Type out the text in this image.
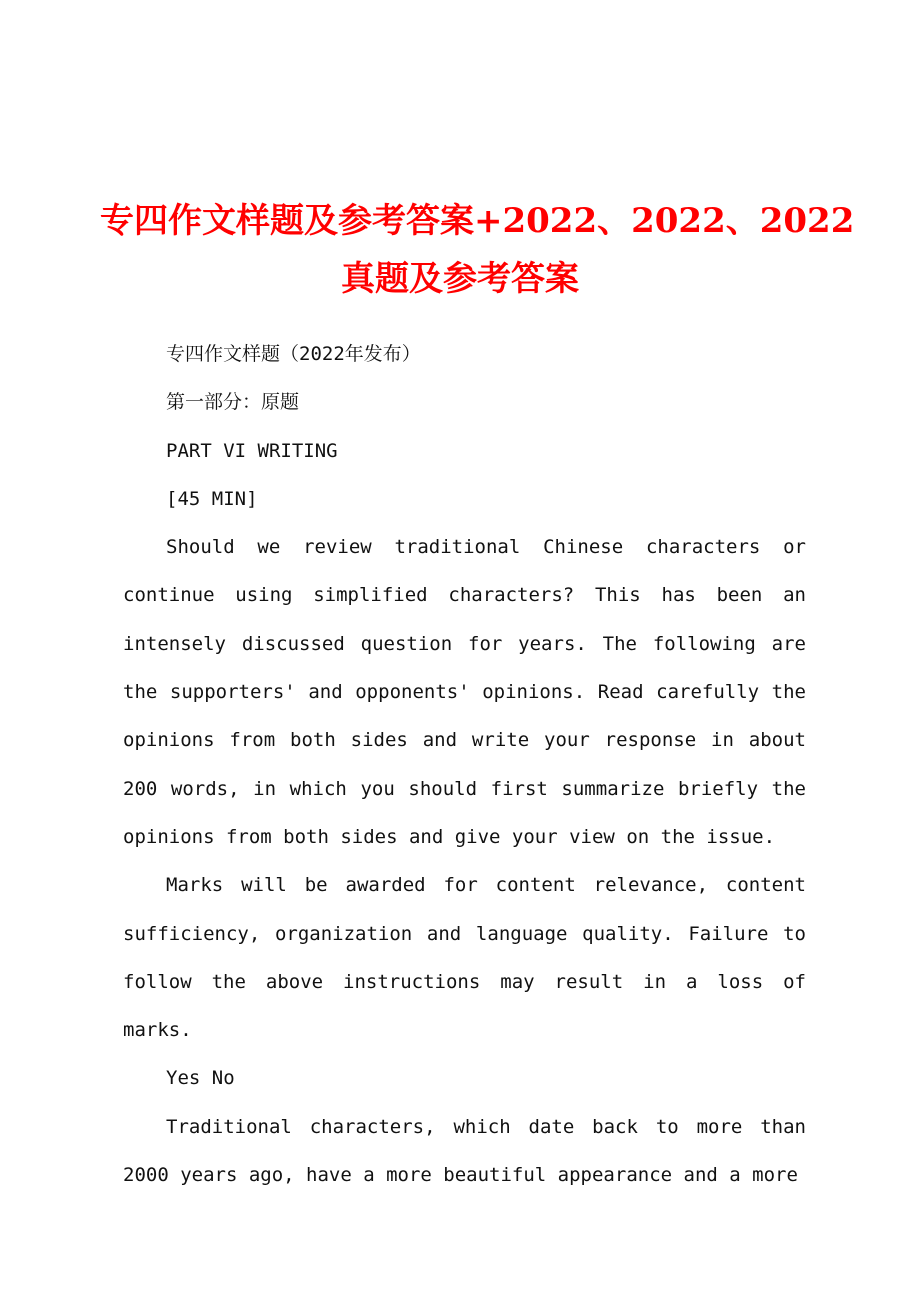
专四作文样题及参考答案+2022、2022、2022
真题及参考答案

专四作文样题（2022年发布）

第一部分：原题

PART VI WRITING

[45 MIN]

Should we review traditional Chinese characters or continue using simplified characters? This has been an intensely discussed question for years. The following are the supporters' and opponents' opinions. Read carefully the opinions from both sides and write your response in about 200 words, in which you should first summarize briefly the opinions from both sides and give your view on the issue.

Marks will be awarded for content relevance, content sufficiency, organization and language quality. Failure to follow the above instructions may result in a loss of marks.

Yes No

Traditional characters, which date back to more than 2000 years ago, have a more beautiful appearance and a more
